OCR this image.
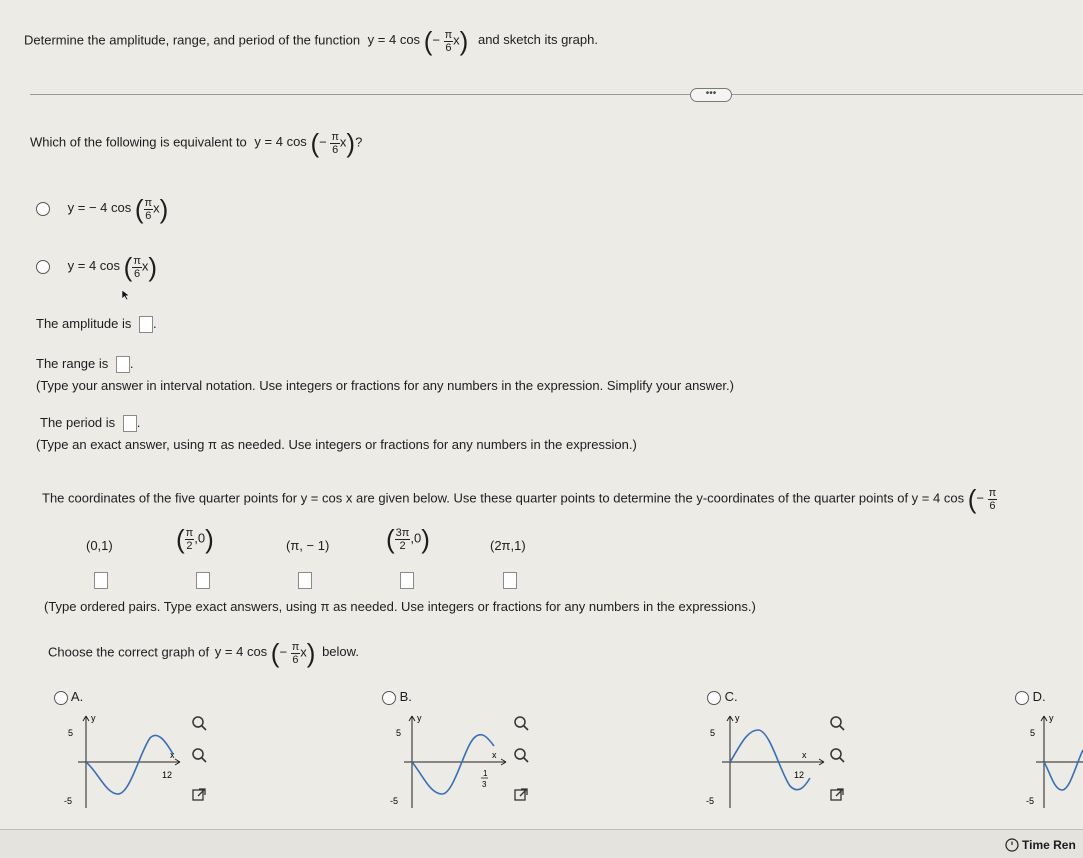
Determine the amplitude, range, and period of the function y = 4 cos (− $\frac{\pi}{6} x$) and sketch its graph.
•••
Which of the following is equivalent to y = 4 cos (− $\frac{\pi}{6} x$)?
y = − 4 cos ( $\frac{\pi}{6} x$)
y = 4 cos ( $\frac{\pi}{6} x$)
The amplitude is .
The range is .
(Type your answer in interval notation. Use integers or fractions for any numbers in the expression. Simplify your answer.)
The period is .
(Type an exact answer, using π as needed. Use integers or fractions for any numbers in the expression.)
The coordinates of the five quarter points for y = cos x are given below. Use these quarter points to determine the y-coordinates of the quarter points of y = 4 cos (− $\frac{\pi}{6}$
(0,1) ( $\frac{\pi}{2} ,0$)	(π, − 1) ( $\frac{3\pi}{2} ,0$)	(2π,1)
(Type ordered pairs. Type exact answers, using π as needed. Use integers or fractions for any numbers in the expressions.)
Choose the correct graph of y = 4 cos (− $\frac{\pi}{6} x$) below.
A.	B.	C.	D.
y
x
5
-5
12
y
x
5
-5
1
3
y
x
5
-5
12
y
5
-5
Time Ren
